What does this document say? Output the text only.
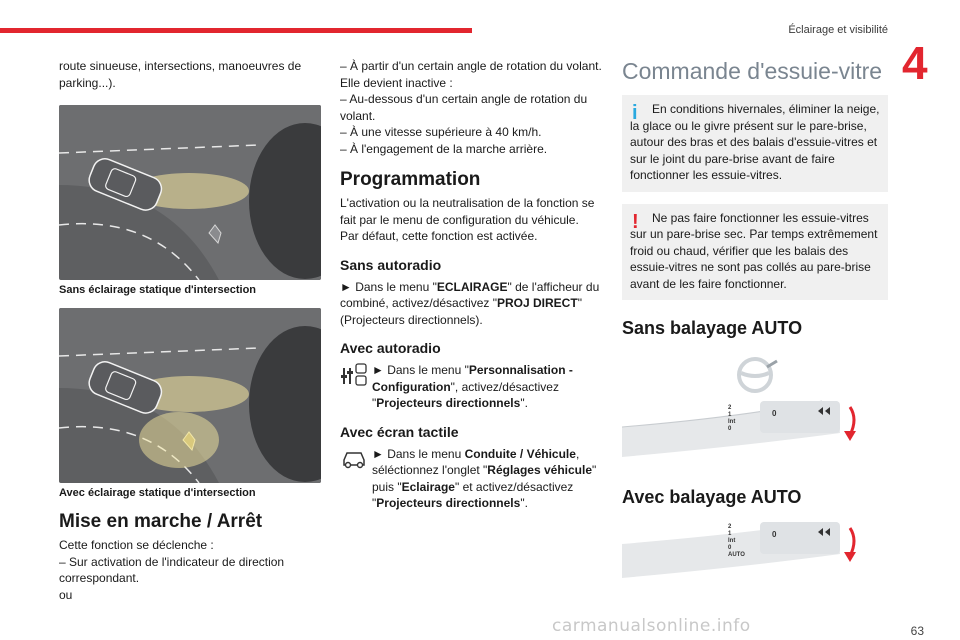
Éclairage et visibilité
4

route sinueuse, intersections, manoeuvres de parking...).

Sans éclairage statique d'intersection
Avec éclairage statique d'intersection
Mise en marche / Arrêt

Cette fonction se déclenche :

– Sur activation de l'indicateur de direction correspondant.

ou

– À partir d'un certain angle de rotation du volant.

Elle devient inactive :

– Au-dessous d'un certain angle de rotation du volant.

– À une vitesse supérieure à 40 km/h.

– À l'engagement de la marche arrière.

Programmation

L'activation ou la neutralisation de la fonction se fait par le menu de configuration du véhicule.

Par défaut, cette fonction est activée.

Sans autoradio

► Dans le menu "ECLAIRAGE" de l'afficheur du combiné, activez/désactivez "PROJ DIRECT" (Projecteurs directionnels).

Avec autoradio

► Dans le menu "Personnalisation - Configuration", activez/désactivez "Projecteurs directionnels".

Avec écran tactile

► Dans le menu Conduite / Véhicule, séléctionnez l'onglet "Réglages véhicule" puis "Eclairage" et activez/désactivez "Projecteurs directionnels".

Commande d'essuie-vitre
i	En conditions hivernales, éliminer la neige, la glace ou le givre présent sur le pare-brise, autour des bras et des balais d'essuie-vitres et sur le joint du pare-brise avant de faire fonctionner les essuie-vitres.

!	Ne pas faire fonctionner les essuie-vitres sur un pare-brise sec. Par temps extrêmement froid ou chaud, vérifier que les balais des essuie-vitres ne sont pas collés au pare-brise avant de les faire fonctionner.

Sans balayage AUTO
2
1
Int
0
0
Avec balayage AUTO
2
1
Int
0
AUTO
0
carmanualsonline.info	63
